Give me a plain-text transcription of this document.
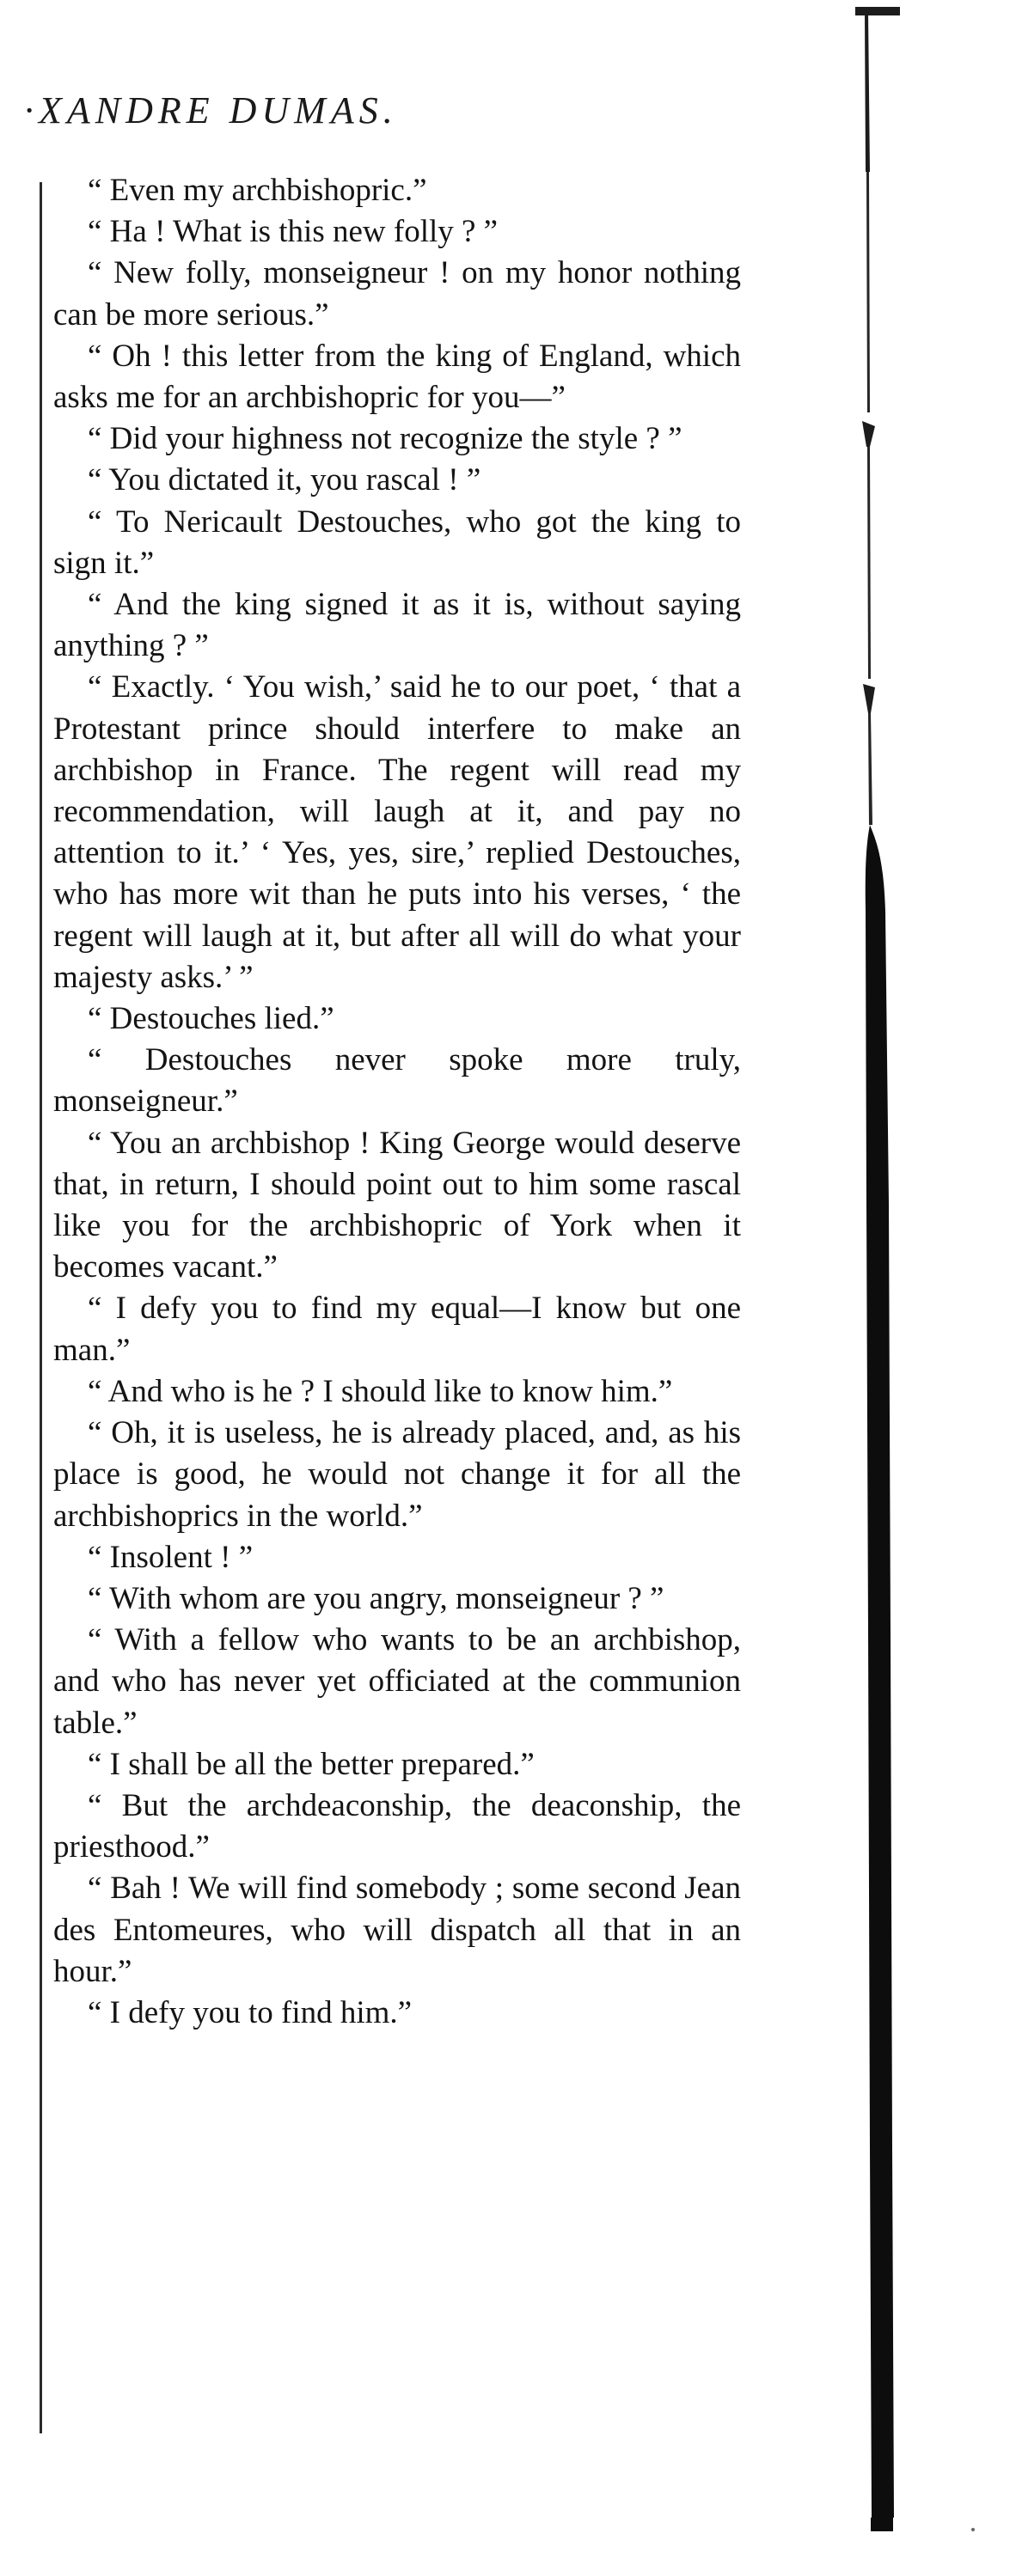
·XANDRE DUMAS.

“ Even my archbishopric.”

“ Ha ! What is this new folly ? ”

“ New folly, monseigneur ! on my honor nothing can be more serious.”

“ Oh ! this letter from the king of England, which asks me for an archbishopric for you—”

“ Did your highness not recognize the style ? ”

“ You dictated it, you rascal ! ”

“ To Nericault Destouches, who got the king to sign it.”

“ And the king signed it as it is, without saying anything ? ”

“ Exactly. ‘ You wish,’ said he to our poet, ‘ that a Protestant prince should interfere to make an archbishop in France. The regent will read my recommendation, will laugh at it, and pay no attention to it.’ ‘ Yes, yes, sire,’ replied Destouches, who has more wit than he puts into his verses, ‘ the regent will laugh at it, but after all will do what your majesty asks.’ ”

“ Destouches lied.”

“ Destouches never spoke more truly, monseigneur.”

“ You an archbishop ! King George would deserve that, in return, I should point out to him some rascal like you for the archbishopric of York when it becomes vacant.”

“ I defy you to find my equal—I know but one man.”

“ And who is he ? I should like to know him.”

“ Oh, it is useless, he is already placed, and, as his place is good, he would not change it for all the archbishoprics in the world.”

“ Insolent ! ”

“ With whom are you angry, monseigneur ? ”

“ With a fellow who wants to be an archbishop, and who has never yet officiated at the communion table.”

“ I shall be all the better prepared.”

“ But the archdeaconship, the deaconship, the priesthood.”

“ Bah ! We will find somebody ; some second Jean des Entomeures, who will dispatch all that in an hour.”

“ I defy you to find him.”
